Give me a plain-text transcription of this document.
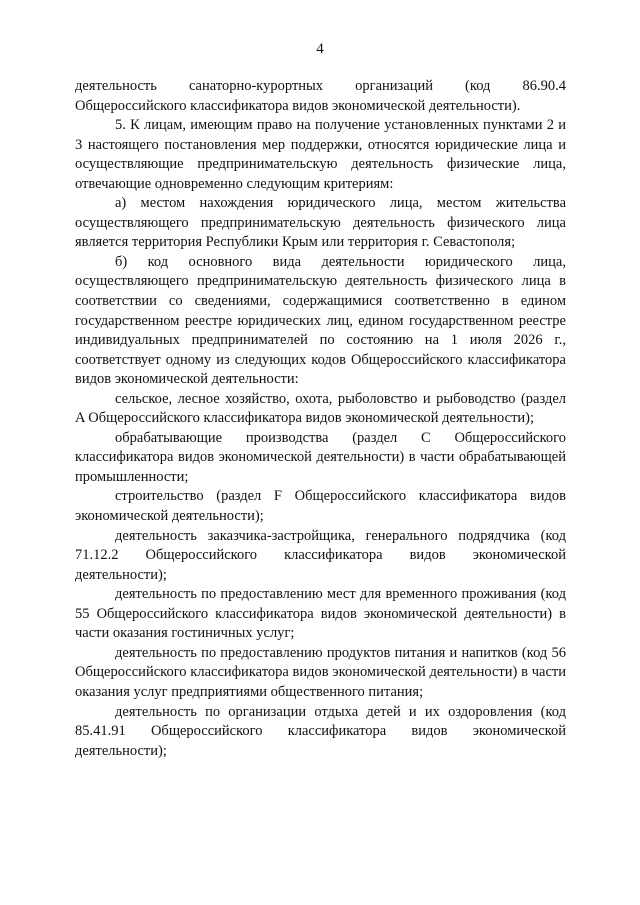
4

деятельность санаторно-курортных организаций (код 86.90.4 Общероссийского классификатора видов экономической деятельности).

5. К лицам, имеющим право на получение установленных пунктами 2 и 3 настоящего постановления мер поддержки, относятся юридические лица и осуществляющие предпринимательскую деятельность физические лица, отвечающие одновременно следующим критериям:

а) местом нахождения юридического лица, местом жительства осуществляющего предпринимательскую деятельность физического лица является территория Республики Крым или территория г. Севастополя;

б) код основного вида деятельности юридического лица, осуществляющего предпринимательскую деятельность физического лица в соответствии со сведениями, содержащимися соответственно в едином государственном реестре юридических лиц, едином государственном реестре индивидуальных предпринимателей по состоянию на 1 июля 2026 г., соответствует одному из следующих кодов Общероссийского классификатора видов экономической деятельности:

сельское, лесное хозяйство, охота, рыболовство и рыбоводство (раздел A Общероссийского классификатора видов экономической деятельности);

обрабатывающие производства (раздел C Общероссийского классификатора видов экономической деятельности) в части обрабатывающей промышленности;

строительство (раздел F Общероссийского классификатора видов экономической деятельности);

деятельность заказчика-застройщика, генерального подрядчика (код 71.12.2 Общероссийского классификатора видов экономической деятельности);

деятельность по предоставлению мест для временного проживания (код 55 Общероссийского классификатора видов экономической деятельности) в части оказания гостиничных услуг;

деятельность по предоставлению продуктов питания и напитков (код 56 Общероссийского классификатора видов экономической деятельности) в части оказания услуг предприятиями общественного питания;

деятельность по организации отдыха детей и их оздоровления (код 85.41.91 Общероссийского классификатора видов экономической деятельности);
